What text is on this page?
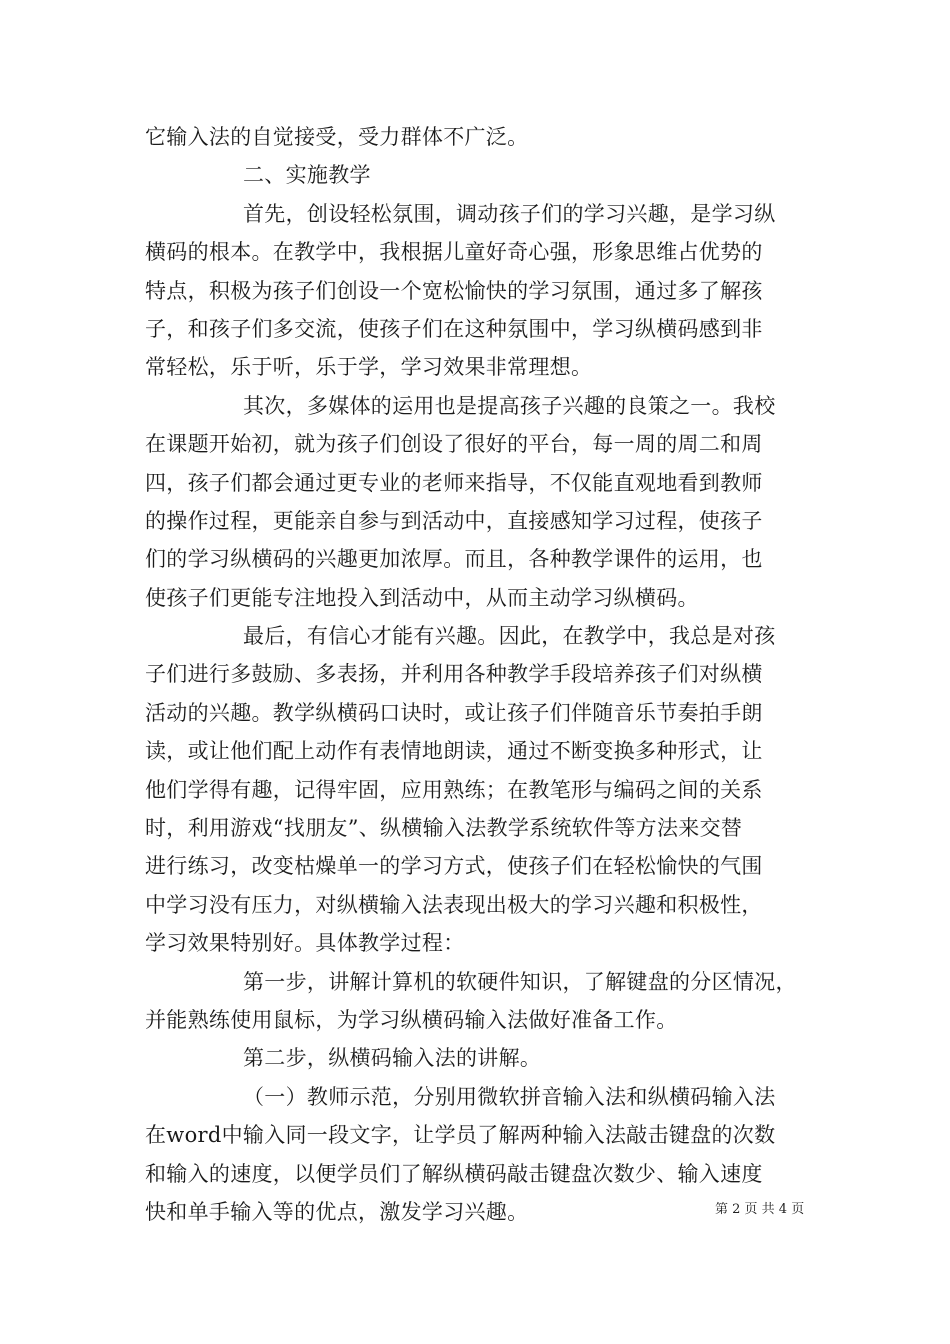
它输入法的自觉接受，受力群体不广泛。
二、实施教学
首先，创设轻松氛围，调动孩子们的学习兴趣，是学习纵
横码的根本。在教学中，我根据儿童好奇心强，形象思维占优势的
特点，积极为孩子们创设一个宽松愉快的学习氛围，通过多了解孩
子，和孩子们多交流，使孩子们在这种氛围中，学习纵横码感到非
常轻松，乐于听，乐于学，学习效果非常理想。
其次，多媒体的运用也是提高孩子兴趣的良策之一。我校
在课题开始初，就为孩子们创设了很好的平台，每一周的周二和周
四，孩子们都会通过更专业的老师来指导，不仅能直观地看到教师
的操作过程，更能亲自参与到活动中，直接感知学习过程，使孩子
们的学习纵横码的兴趣更加浓厚。而且，各种教学课件的运用，也
使孩子们更能专注地投入到活动中，从而主动学习纵横码。
最后，有信心才能有兴趣。因此，在教学中，我总是对孩
子们进行多鼓励、多表扬，并利用各种教学手段培养孩子们对纵横
活动的兴趣。教学纵横码口诀时，或让孩子们伴随音乐节奏拍手朗
读，或让他们配上动作有表情地朗读，通过不断变换多种形式，让
他们学得有趣，记得牢固，应用熟练；在教笔形与编码之间的关系
时，利用游戏“找朋友”、纵横输入法教学系统软件等方法来交替
进行练习，改变枯燥单一的学习方式，使孩子们在轻松愉快的气围
中学习没有压力，对纵横输入法表现出极大的学习兴趣和积极性，
学习效果特别好。具体教学过程：
第一步，讲解计算机的软硬件知识，了解键盘的分区情况，
并能熟练使用鼠标，为学习纵横码输入法做好准备工作。
第二步，纵横码输入法的讲解。
（一）教师示范，分别用微软拼音输入法和纵横码输入法
在word中输入同一段文字，让学员了解两种输入法敲击键盘的次数
和输入的速度，以便学员们了解纵横码敲击键盘次数少、输入速度
快和单手输入等的优点，激发学习兴趣。	第 2 页 共 4 页
